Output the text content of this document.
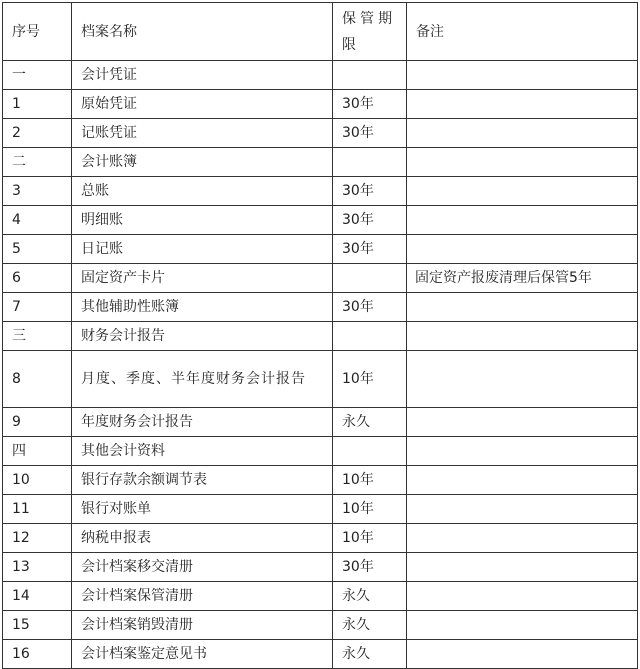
序号	档案名称	保管期限	备注
一	会计凭证		
1	原始凭证	30年	
2	记账凭证	30年	
二	会计账簿		
3	总账	30年	
4	明细账	30年	
5	日记账	30年	
6	固定资产卡片		固定资产报废清理后保管5年
7	其他辅助性账簿	30年	
三	财务会计报告		
8	月度、季度、半年度财务会计报告	10年	
9	年度财务会计报告	永久	
四	其他会计资料		
10	银行存款余额调节表	10年	
11	银行对账单	10年	
12	纳税申报表	10年	
13	会计档案移交清册	30年	
14	会计档案保管清册	永久	
15	会计档案销毁清册	永久	
16	会计档案鉴定意见书	永久	
